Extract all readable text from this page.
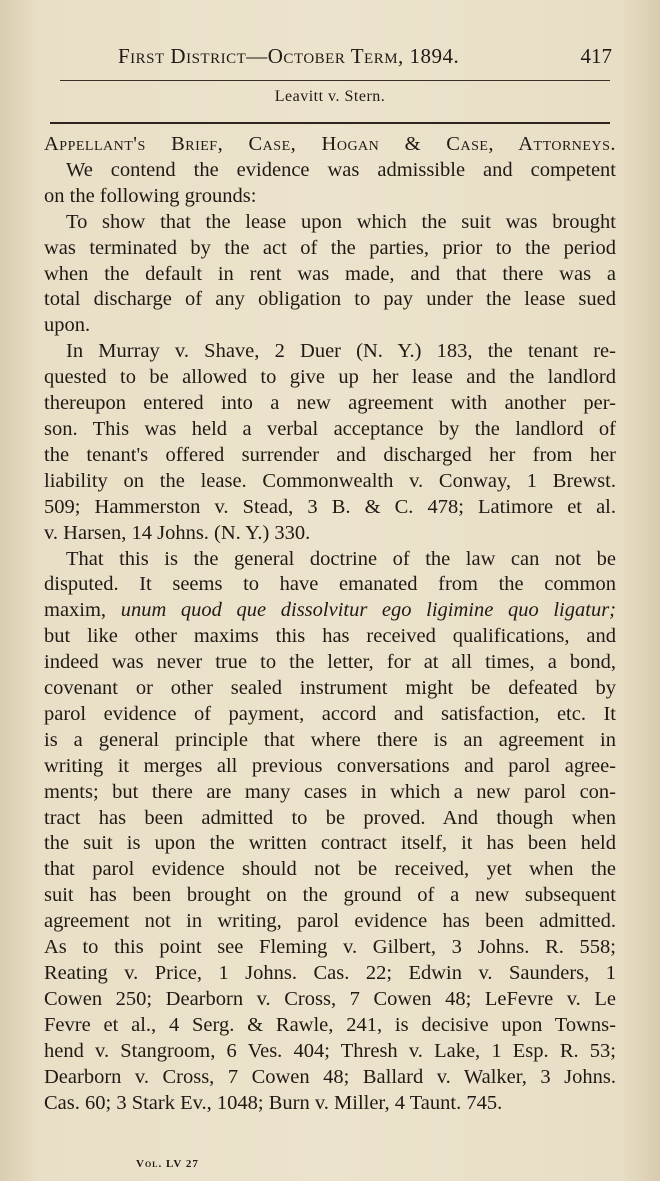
First District—October Term, 1894.	417
Leavitt v. Stern.
Appellant's Brief, Case, Hogan & Case, Attorneys.
We contend the evidence was admissible and competent
on the following grounds:
To show that the lease upon which the suit was brought
was terminated by the act of the parties, prior to the period
when the default in rent was made, and that there was a
total discharge of any obligation to pay under the lease sued
upon.
In Murray v. Shave, 2 Duer (N. Y.) 183, the tenant re-
quested to be allowed to give up her lease and the landlord
thereupon entered into a new agreement with another per-
son. This was held a verbal acceptance by the landlord of
the tenant's offered surrender and discharged her from her
liability on the lease. Commonwealth v. Conway, 1 Brewst.
509; Hammerston v. Stead, 3 B. & C. 478; Latimore et al.
v. Harsen, 14 Johns. (N. Y.) 330.
That this is the general doctrine of the law can not be
disputed. It seems to have emanated from the common
maxim, unum quod que dissolvitur ego ligimine quo ligatur;
but like other maxims this has received qualifications, and
indeed was never true to the letter, for at all times, a bond,
covenant or other sealed instrument might be defeated by
parol evidence of payment, accord and satisfaction, etc. It
is a general principle that where there is an agreement in
writing it merges all previous conversations and parol agree-
ments; but there are many cases in which a new parol con-
tract has been admitted to be proved. And though when
the suit is upon the written contract itself, it has been held
that parol evidence should not be received, yet when the
suit has been brought on the ground of a new subsequent
agreement not in writing, parol evidence has been admitted.
As to this point see Fleming v. Gilbert, 3 Johns. R. 558;
Reating v. Price, 1 Johns. Cas. 22; Edwin v. Saunders, 1
Cowen 250; Dearborn v. Cross, 7 Cowen 48; LeFevre v. Le
Fevre et al., 4 Serg. & Rawle, 241, is decisive upon Towns-
hend v. Stangroom, 6 Ves. 404; Thresh v. Lake, 1 Esp. R. 53;
Dearborn v. Cross, 7 Cowen 48; Ballard v. Walker, 3 Johns.
Cas. 60; 3 Stark Ev., 1048; Burn v. Miller, 4 Taunt. 745.
Vol. LV 27
